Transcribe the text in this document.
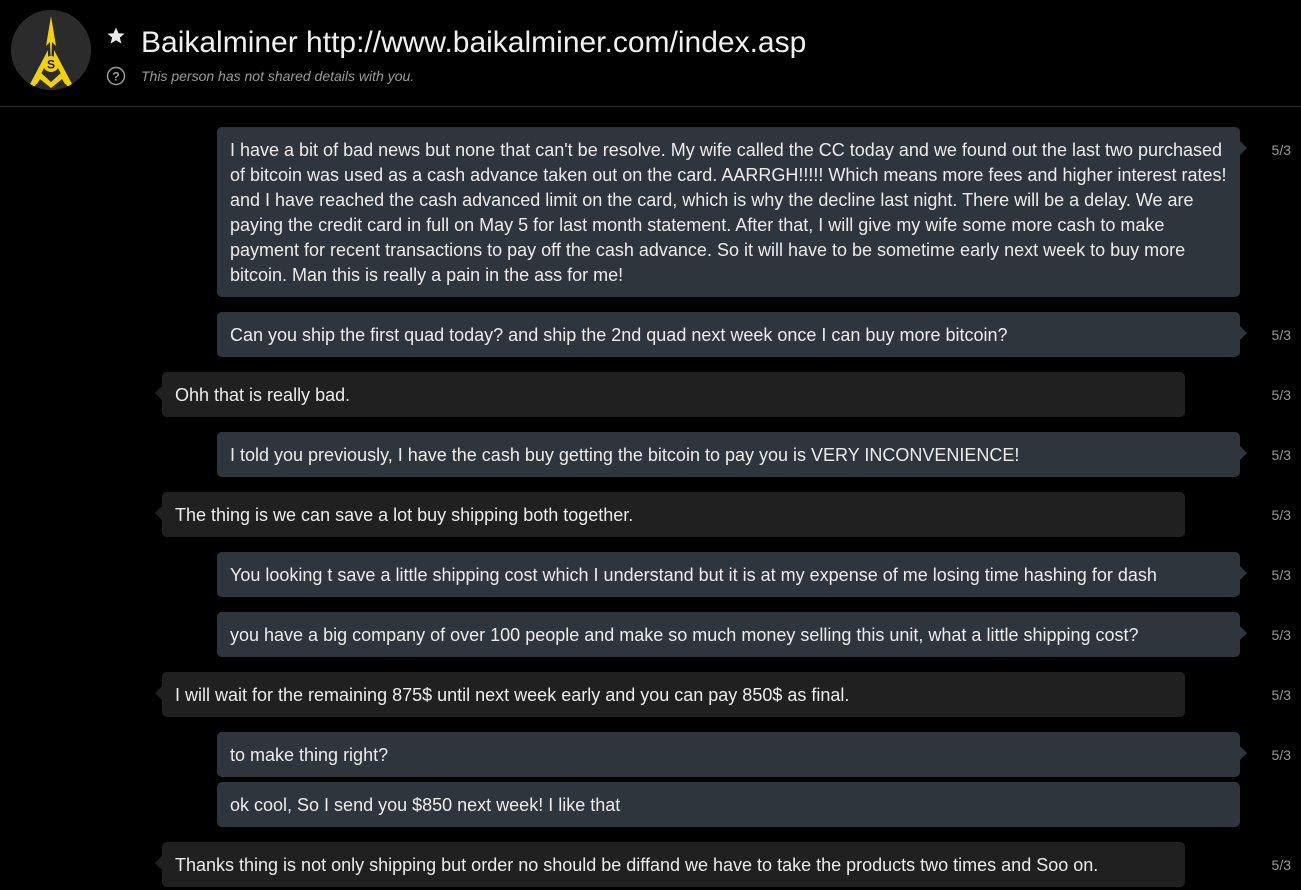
S
Baikalminer http://www.baikalminer.com/index.asp
? This person has not shared details with you.
I have a bit of bad news but none that can't be resolve. My wife called the CC today and we found out the last two purchased of bitcoin was used as a cash advance taken out on the card. AARRGH!!!!! Which means more fees and higher interest rates! and I have reached the cash advanced limit on the card, which is why the decline last night. There will be a delay. We are paying the credit card in full on May 5 for last month statement. After that, I will give my wife some more cash to make payment for recent transactions to pay off the cash advance. So it will have to be sometime early next week to buy more bitcoin. Man this is really a pain in the ass for me!
5/3
Can you ship the first quad today? and ship the 2nd quad next week once I can buy more bitcoin?	5/3
Ohh that is really bad.	5/3
I told you previously, I have the cash buy getting the bitcoin to pay you is VERY INCONVENIENCE!	5/3
The thing is we can save a lot buy shipping both together.	5/3
You looking t save a little shipping cost which I understand but it is at my expense of me losing time hashing for dash	5/3
you have a big company of over 100 people and make so much money selling this unit, what a little shipping cost?	5/3
I will wait for the remaining 875$ until next week early and you can pay 850$ as final.	5/3
to make thing right?	5/3
ok cool, So I send you $850 next week! I like that
Thanks thing is not only shipping but order no should be diffand we have to take the products two times and Soo on.	5/3
